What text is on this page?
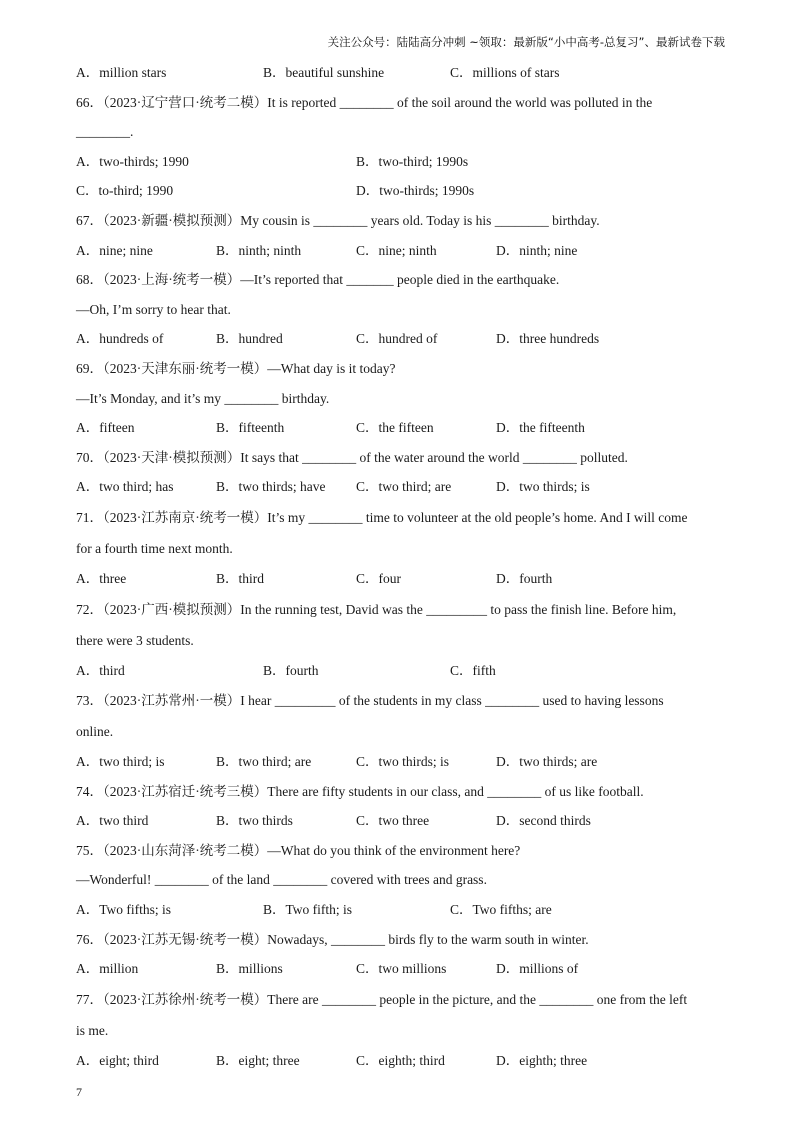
关注公众号：陆陆高分冲刺 ~领取：最新版“小中高考-总复习”、最新试卷下载
A．million stars	B．beautiful sunshine	C．millions of stars
66．（2023·辽宁营口·统考二模）It is reported ________ of the soil around the world was polluted in the
________.
A．two-thirds; 1990	B．two-third; 1990s
C．to-third; 1990	D．two-thirds; 1990s
67．（2023·新疆·模拟预测）My cousin is ________ years old. Today is his ________ birthday.
A．nine; nine	B．ninth; ninth	C．nine; ninth	D．ninth; nine
68．（2023·上海·统考一模）—It’s reported that _______ people died in the earthquake.
—Oh, I’m sorry to hear that.
A．hundreds of	B．hundred	C．hundred of	D．three hundreds
69．（2023·天津东丽·统考一模）—What day is it today?
—It’s Monday, and it’s my ________ birthday.
A．fifteen	B．fifteenth	C．the fifteen	D．the fifteenth
70．（2023·天津·模拟预测）It says that ________ of the water around the world ________ polluted.
A．two third; has	B．two thirds; have	C．two third; are	D．two thirds; is
71．（2023·江苏南京·统考一模）It’s my ________ time to volunteer at the old people’s home. And I will come
for a fourth time next month.
A．three	B．third	C．four	D．fourth
72．（2023·广西·模拟预测）In the running test, David was the _________ to pass the finish line. Before him,
there were 3 students.
A．third	B．fourth	C．fifth
73．（2023·江苏常州·一模）I hear _________ of the students in my class ________ used to having lessons
online.
A．two third; is	B．two third; are	C．two thirds; is	D．two thirds; are
74．（2023·江苏宿迁·统考三模）There are fifty students in our class, and ________ of us like football.
A．two third	B．two thirds	C．two three	D．second thirds
75．（2023·山东菏泽·统考二模）—What do you think of the environment here?
—Wonderful! ________ of the land ________ covered with trees and grass.
A．Two fifths; is	B．Two fifth; is	C．Two fifths; are
76．（2023·江苏无锡·统考一模）Nowadays, ________ birds fly to the warm south in winter.
A．million	B．millions	C．two millions	D．millions of
77．（2023·江苏徐州·统考一模）There are ________ people in the picture, and the ________ one from the left
is me.
A．eight; third	B．eight; three	C．eighth; third	D．eighth; three
7
